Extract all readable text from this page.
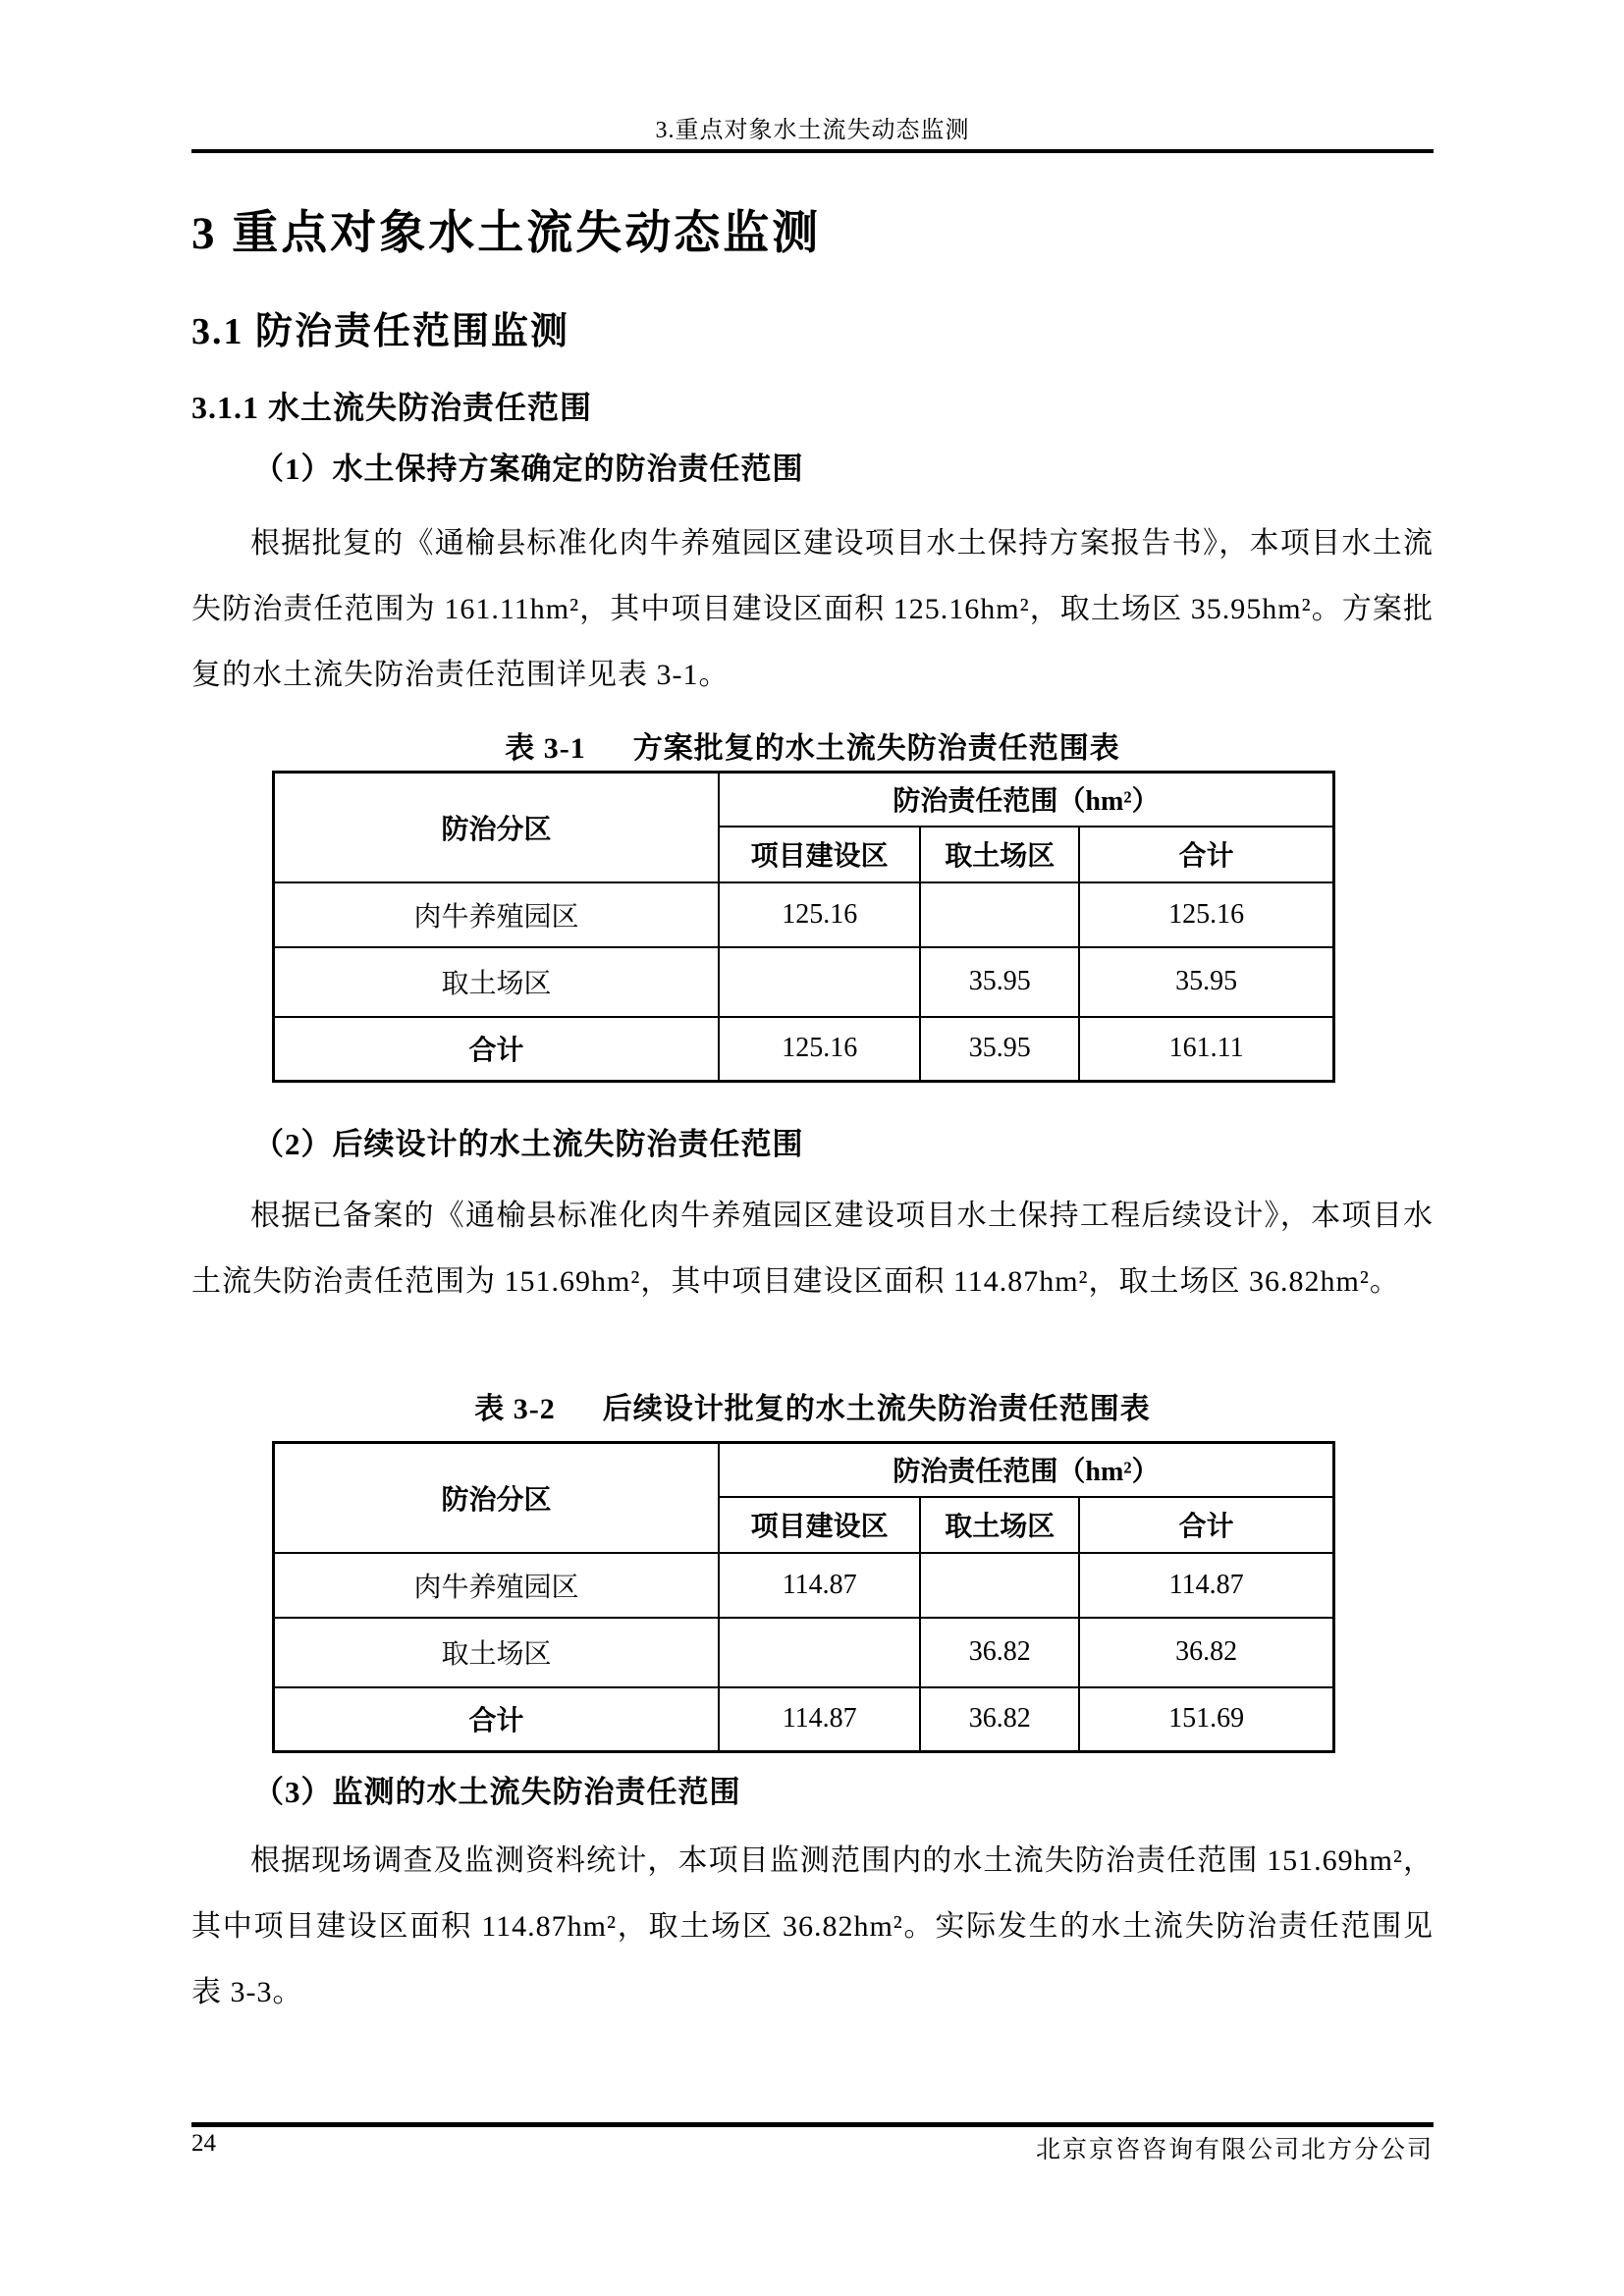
3.重点对象水土流失动态监测
3 重点对象水土流失动态监测
3.1 防治责任范围监测
3.1.1 水土流失防治责任范围
（1）水土保持方案确定的防治责任范围
根据批复的《通榆县标准化肉牛养殖园区建设项目水土保持方案报告书》，本项目水土流失防治责任范围为 161.11hm²，其中项目建设区面积 125.16hm²，取土场区 35.95hm²。方案批复的水土流失防治责任范围详见表 3-1。
表 3-1 方案批复的水土流失防治责任范围表
防治分区	防治责任范围（hm²）		
	项目建设区	取土场区	合计
肉牛养殖园区	125.16		125.16
取土场区		35.95	35.95
合计	125.16	35.95	161.11
（2）后续设计的水土流失防治责任范围
根据已备案的《通榆县标准化肉牛养殖园区建设项目水土保持工程后续设计》，本项目水土流失防治责任范围为 151.69hm²，其中项目建设区面积 114.87hm²，取土场区 36.82hm²。
表 3-2 后续设计批复的水土流失防治责任范围表
防治分区	防治责任范围（hm²）		
	项目建设区	取土场区	合计
肉牛养殖园区	114.87		114.87
取土场区		36.82	36.82
合计	114.87	36.82	151.69
（3）监测的水土流失防治责任范围
根据现场调查及监测资料统计，本项目监测范围内的水土流失防治责任范围 151.69hm²，其中项目建设区面积 114.87hm²，取土场区 36.82hm²。实际发生的水土流失防治责任范围见表 3-3。
24	北京京咨咨询有限公司北方分公司
